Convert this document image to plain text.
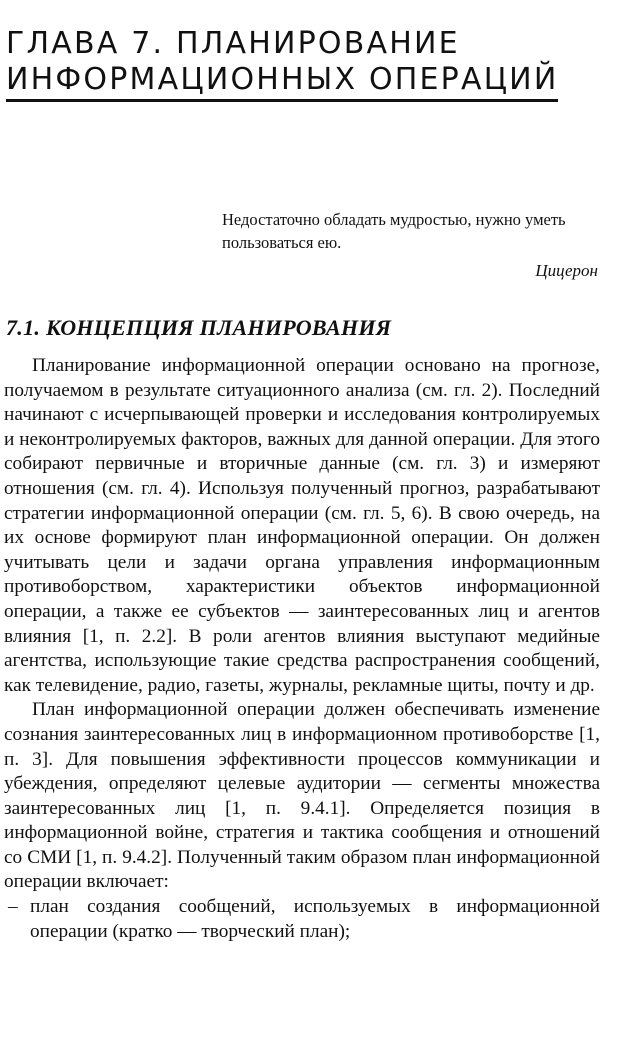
ГЛАВА 7. ПЛАНИРОВАНИЕ
ИНФОРМАЦИОННЫХ ОПЕРАЦИЙ

Недостаточно обладать мудростью, нужно уметь пользоваться ею.

Цицерон

7.1. КОНЦЕПЦИЯ ПЛАНИРОВАНИЯ

Планирование информационной операции основано на прогнозе, получаемом в результате ситуационного анализа (см. гл. 2). Последний начинают с исчерпывающей проверки и исследования контролируемых и неконтролируемых факторов, важных для данной операции. Для этого собирают первичные и вторичные данные (см. гл. 3) и измеряют отношения (см. гл. 4). Используя полученный прогноз, разрабатывают стратегии информационной операции (см. гл. 5, 6). В свою очередь, на их основе формируют план информационной операции. Он должен учитывать цели и задачи органа управления информационным противоборством, характеристики объектов информационной операции, а также ее субъектов — заинтересованных лиц и агентов влияния [1, п. 2.2]. В роли агентов влияния выступают медийные агентства, использующие такие средства распространения сообщений, как телевидение, радио, газеты, журналы, рекламные щиты, почту и др.

План информационной операции должен обеспечивать изменение сознания заинтересованных лиц в информационном противоборстве [1, п. 3]. Для повышения эффективности процессов коммуникации и убеждения, определяют целевые аудитории — сегменты множества заинтересованных лиц [1, п. 9.4.1]. Определяется позиция в информационной войне, стратегия и тактика сообщения и отношений со СМИ [1, п. 9.4.2]. Полученный таким образом план информационной операции включает:

– план создания сообщений, используемых в информационной операции (кратко — творческий план);
